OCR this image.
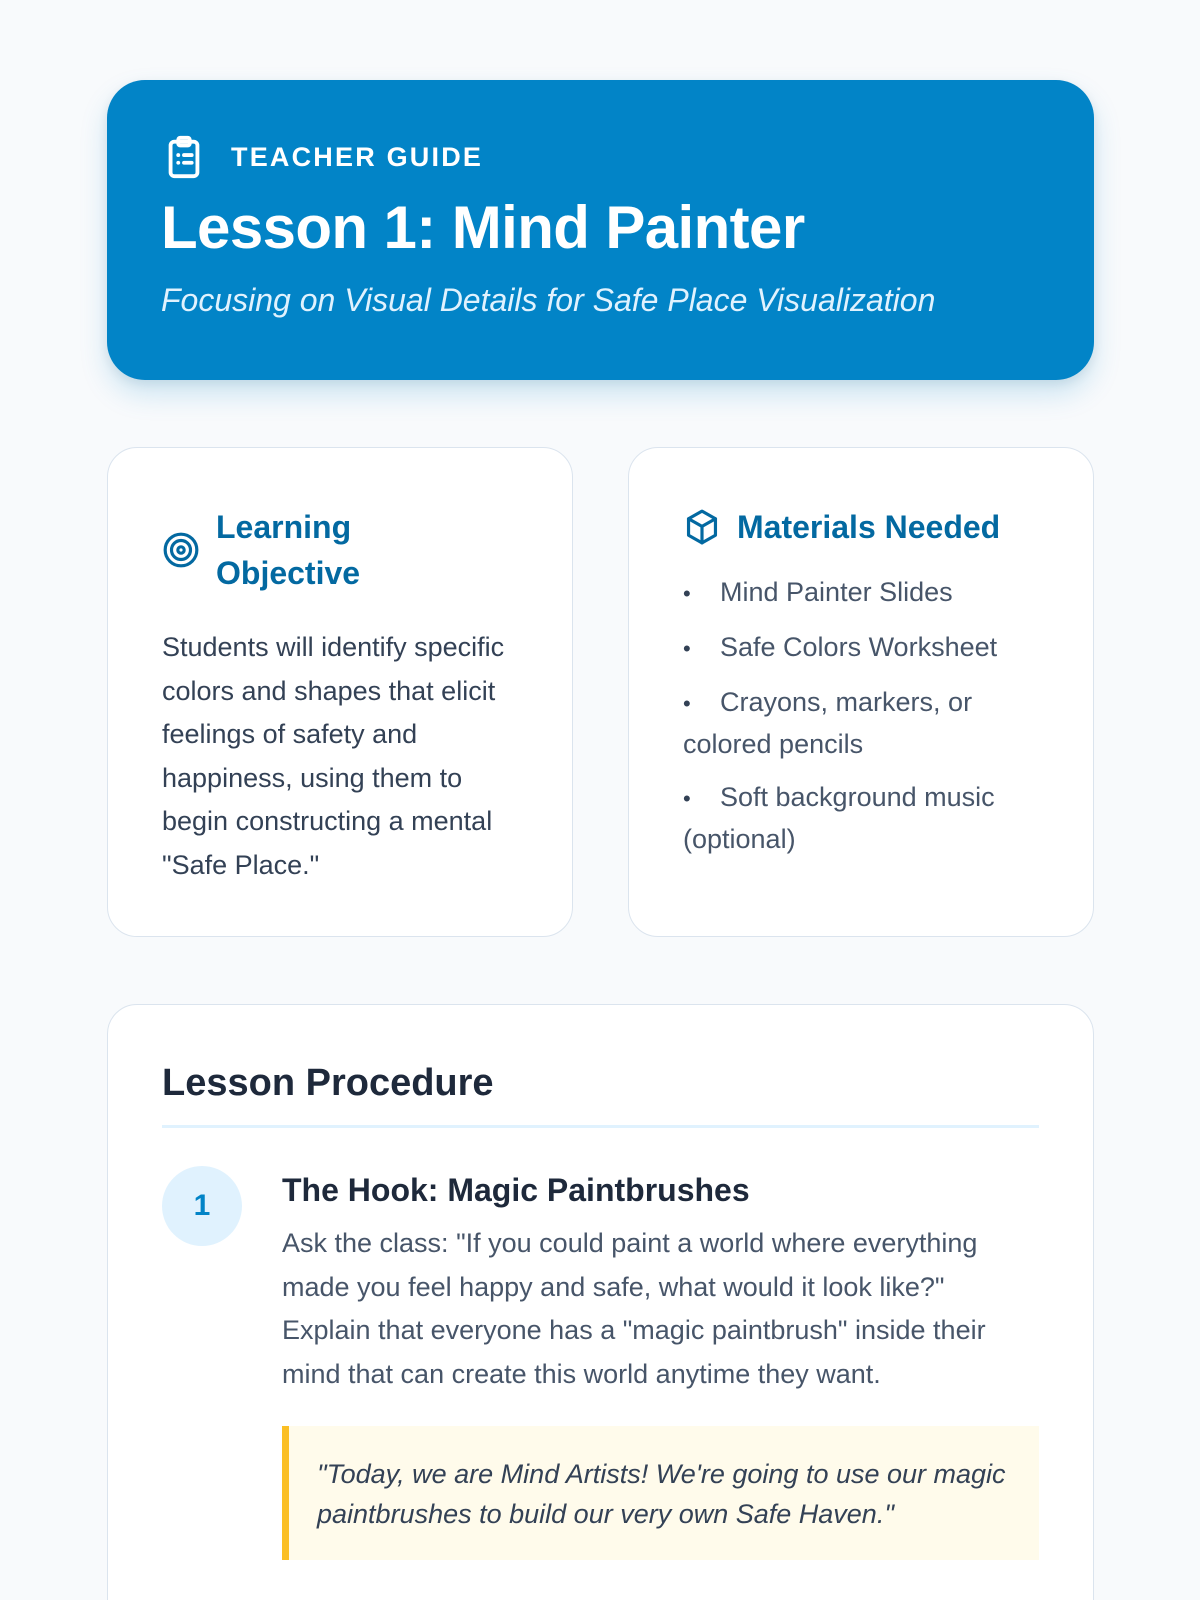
TEACHER GUIDE
Lesson 1: Mind Painter
Focusing on Visual Details for Safe Place Visualization
Learning Objective

Students will identify specific colors and shapes that elicit feelings of safety and happiness, using them to begin constructing a mental "Safe Place."

Materials Needed
• Mind Painter Slides
• Safe Colors Worksheet
• Crayons, markers, or colored pencils
• Soft background music (optional)
Lesson Procedure
1	The Hook: Magic Paintbrushes

Ask the class: "If you could paint a world where everything made you feel happy and safe, what would it look like?" Explain that everyone has a "magic paintbrush" inside their mind that can create this world anytime they want.

"Today, we are Mind Artists! We're going to use our magic paintbrushes to build our very own Safe Haven."
